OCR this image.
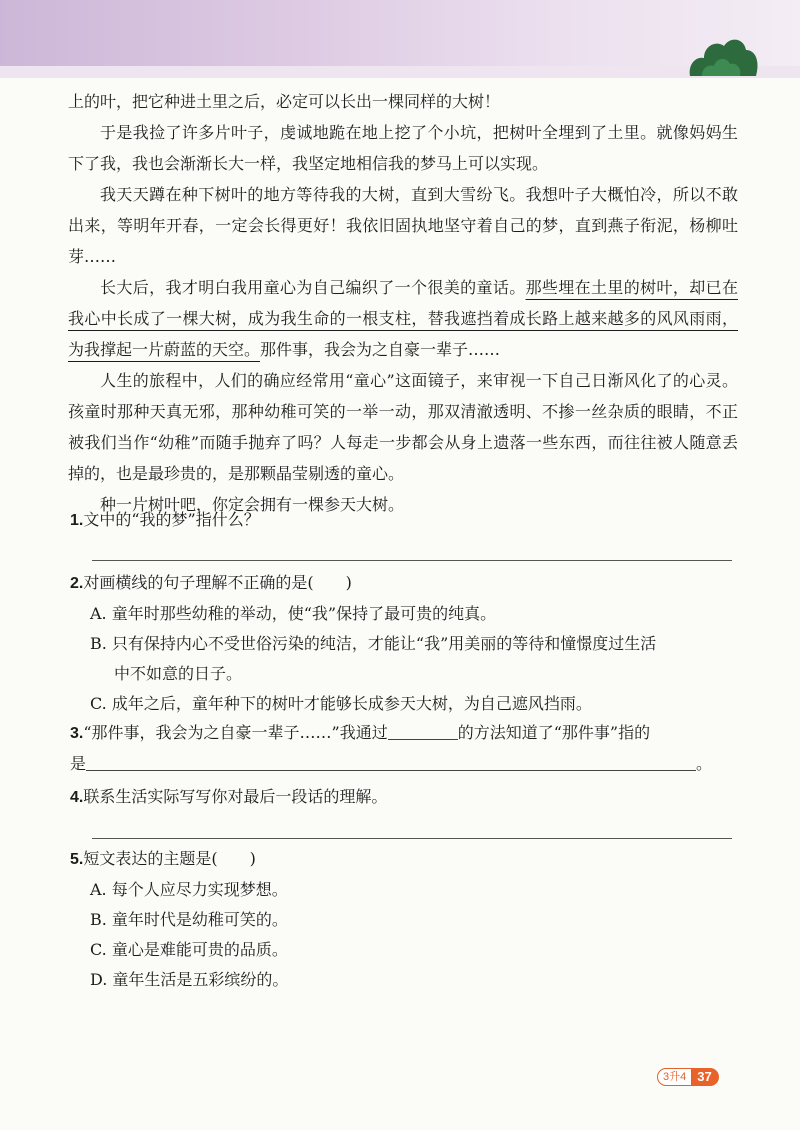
上的叶，把它种进土里之后，必定可以长出一棵同样的大树！

于是我捡了许多片叶子，虔诚地跪在地上挖了个小坑，把树叶全埋到了土里。就像妈妈生下了我，我也会渐渐长大一样，我坚定地相信我的梦马上可以实现。

我天天蹲在种下树叶的地方等待我的大树，直到大雪纷飞。我想叶子大概怕冷，所以不敢出来，等明年开春，一定会长得更好！我依旧固执地坚守着自己的梦，直到燕子衔泥，杨柳吐芽……

长大后，我才明白我用童心为自己编织了一个很美的童话。那些埋在土里的树叶，却已在我心中长成了一棵大树，成为我生命的一根支柱，替我遮挡着成长路上越来越多的风风雨雨，为我撑起一片蔚蓝的天空。那件事，我会为之自豪一辈子……

人生的旅程中，人们的确应经常用“童心”这面镜子，来审视一下自己日渐风化了的心灵。孩童时那种天真无邪，那种幼稚可笑的一举一动，那双清澈透明、不掺一丝杂质的眼睛，不正被我们当作“幼稚”而随手抛弃了吗？人每走一步都会从身上遗落一些东西，而往往被人随意丢掉的，也是最珍贵的，是那颗晶莹剔透的童心。

种一片树叶吧，你定会拥有一棵参天大树。

1.文中的“我的梦”指什么？
2.对画横线的句子理解不正确的是(　　)
A. 童年时那些幼稚的举动，使“我”保持了最可贵的纯真。
B. 只有保持内心不受世俗污染的纯洁，才能让“我”用美丽的等待和憧憬度过生活
中不如意的日子。
C. 成年之后，童年种下的树叶才能够长成参天大树，为自己遮风挡雨。
3.“那件事，我会为之自豪一辈子……”我通过	的方法知道了“那件事”指的
是	。
4.联系生活实际写写你对最后一段话的理解。
5.短文表达的主题是(　　)
A. 每个人应尽力实现梦想。
B. 童年时代是幼稚可笑的。
C. 童心是难能可贵的品质。
D. 童年生活是五彩缤纷的。
3升4 37
